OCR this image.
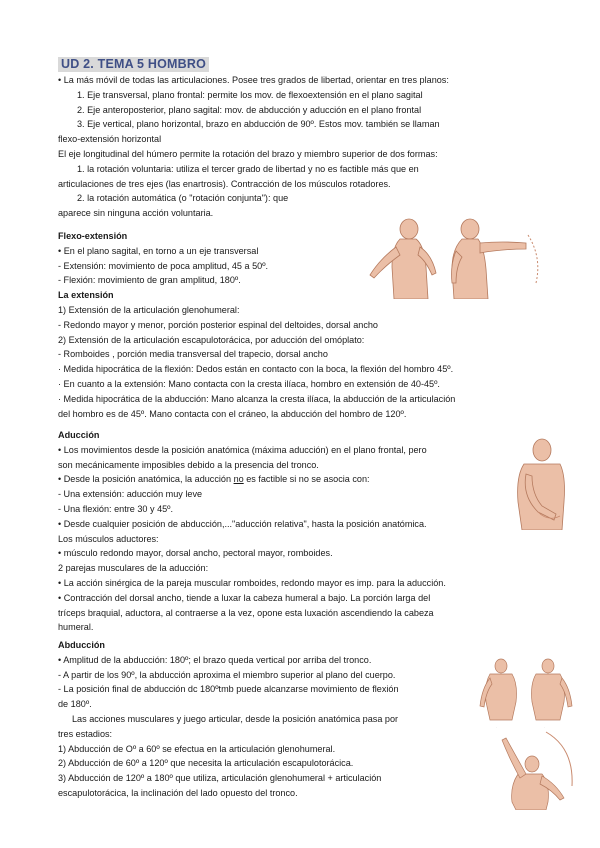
UD 2. TEMA 5 HOMBRO

• La más móvil de todas las articulaciones. Posee tres grados de libertad, orientar en tres planos:

1. Eje transversal, plano frontal: permite los mov. de flexoextensión en el plano sagital

2. Eje anteroposterior, plano sagital: mov. de abducción y aducción en el plano frontal

3. Eje vertical, plano horizontal, brazo en abducción de 90º. Estos mov. también se llaman

flexo-extensión horizontal

El eje longitudinal del húmero permite la rotación del brazo y miembro superior de dos formas:

1. la rotación voluntaria: utiliza el tercer grado de libertad y no es factible más que en

articulaciones de tres ejes (las enartrosis). Contracción de los músculos rotadores.

2. la rotación automática (o "rotación conjunta"): que

aparece sin ninguna acción voluntaria.

Flexo-extensión

• En el plano sagital, en torno a un eje transversal

- Extensión: movimiento de poca amplitud, 45 a 50º.

- Flexión: movimiento de gran amplitud, 180º.

La extensión

1) Extensión de la articulación glenohumeral:

- Redondo mayor y menor, porción posterior espinal del deltoides, dorsal ancho

2) Extensión de la articulación escapulotorácica, por aducción del omóplato:

- Romboides , porción media transversal del trapecio, dorsal ancho

· Medida hipocrática de la flexión: Dedos están en contacto con la boca, la flexión del hombro 45º.

· En cuanto a la extensión: Mano contacta con la cresta ilíaca, hombro en extensión de 40-45º.

· Medida hipocrática de la abducción: Mano alcanza la cresta ilíaca, la abducción de la articulación

del hombro es de 45º. Mano contacta con el cráneo, la abducción del hombro de 120º.

Aducción

• Los movimientos desde la posición anatómica (máxima aducción) en el plano frontal, pero

son mecánicamente imposibles debido a la presencia del tronco.

• Desde la posición anatómica, la aducción no es factible si no se asocia con:

- Una extensión: aducción muy leve

- Una flexión: entre 30 y 45º.

• Desde cualquier posición de abducción,..."aducción relativa", hasta la posición anatómica.

Los músculos aductores:

• músculo redondo mayor, dorsal ancho, pectoral mayor, romboides.

2 parejas musculares de la aducción:

• La acción sinérgica de la pareja muscular romboides, redondo mayor es imp. para la aducción.

• Contracción del dorsal ancho, tiende a luxar la cabeza humeral a bajo. La porción larga del

tríceps braquial, aductora, al contraerse a la vez, opone esta luxación ascendiendo la cabeza

humeral.

Abducción

• Amplitud de la abducción: 180º; el brazo queda vertical por arriba del tronco.

- A partir de los 90º, la abducción aproxima el miembro superior al plano del cuerpo.

- La posición final de abducción dc 180ºtmb puede alcanzarse movimiento de flexión

de 180º.

Las acciones musculares y juego articular, desde la posición anatómica pasa por

tres estadios:

1) Abducción de Oº a 60º se efectua en la articulación glenohumeral.

2) Abducción de 60º a 120º que necesita la articulación escapulotorácica.

3) Abducción de 120º a 180º que utiliza, articulación glenohumeral + articulación

escapulotorácica, la inclinación del lado opuesto del tronco.

·	·
